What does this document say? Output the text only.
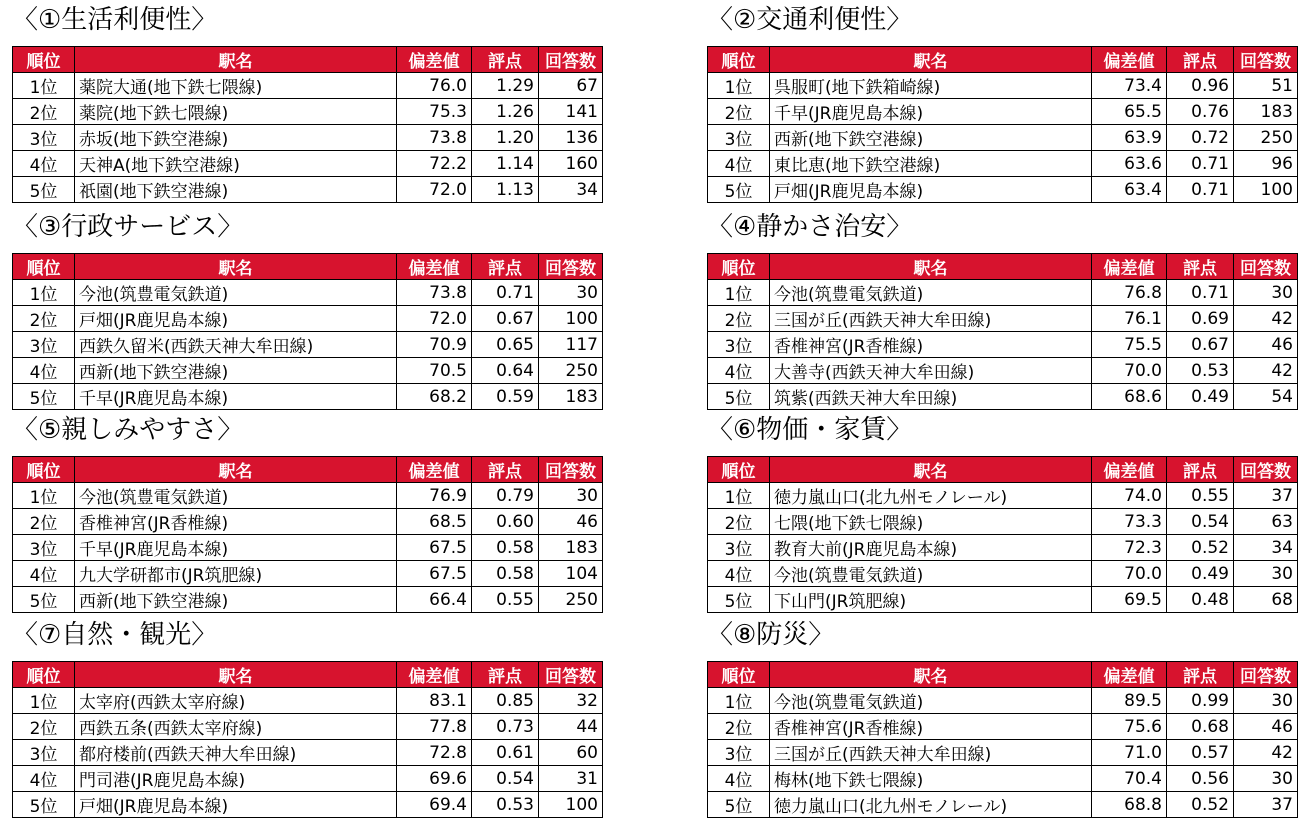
〈①生活利便性〉
順位	駅名	偏差値	評点	回答数
1位	薬院大通(地下鉄七隈線)	76.0	1.29	67
2位	薬院(地下鉄七隈線)	75.3	1.26	141
3位	赤坂(地下鉄空港線)	73.8	1.20	136
4位	天神A(地下鉄空港線)	72.2	1.14	160
5位	祇園(地下鉄空港線)	72.0	1.13	34
〈②交通利便性〉
順位	駅名	偏差値	評点	回答数
1位	呉服町(地下鉄箱崎線)	73.4	0.96	51
2位	千早(JR鹿児島本線)	65.5	0.76	183
3位	西新(地下鉄空港線)	63.9	0.72	250
4位	東比恵(地下鉄空港線)	63.6	0.71	96
5位	戸畑(JR鹿児島本線)	63.4	0.71	100
〈③行政サービス〉
順位	駅名	偏差値	評点	回答数
1位	今池(筑豊電気鉄道)	73.8	0.71	30
2位	戸畑(JR鹿児島本線)	72.0	0.67	100
3位	西鉄久留米(西鉄天神大牟田線)	70.9	0.65	117
4位	西新(地下鉄空港線)	70.5	0.64	250
5位	千早(JR鹿児島本線)	68.2	0.59	183
〈④静かさ治安〉
順位	駅名	偏差値	評点	回答数
1位	今池(筑豊電気鉄道)	76.8	0.71	30
2位	三国が丘(西鉄天神大牟田線)	76.1	0.69	42
3位	香椎神宮(JR香椎線)	75.5	0.67	46
4位	大善寺(西鉄天神大牟田線)	70.0	0.53	42
5位	筑紫(西鉄天神大牟田線)	68.6	0.49	54
〈⑤親しみやすさ〉
順位	駅名	偏差値	評点	回答数
1位	今池(筑豊電気鉄道)	76.9	0.79	30
2位	香椎神宮(JR香椎線)	68.5	0.60	46
3位	千早(JR鹿児島本線)	67.5	0.58	183
4位	九大学研都市(JR筑肥線)	67.5	0.58	104
5位	西新(地下鉄空港線)	66.4	0.55	250
〈⑥物価・家賃〉
順位	駅名	偏差値	評点	回答数
1位	徳力嵐山口(北九州モノレール)	74.0	0.55	37
2位	七隈(地下鉄七隈線)	73.3	0.54	63
3位	教育大前(JR鹿児島本線)	72.3	0.52	34
4位	今池(筑豊電気鉄道)	70.0	0.49	30
5位	下山門(JR筑肥線)	69.5	0.48	68
〈⑦自然・観光〉
順位	駅名	偏差値	評点	回答数
1位	太宰府(西鉄太宰府線)	83.1	0.85	32
2位	西鉄五条(西鉄太宰府線)	77.8	0.73	44
3位	都府楼前(西鉄天神大牟田線)	72.8	0.61	60
4位	門司港(JR鹿児島本線)	69.6	0.54	31
5位	戸畑(JR鹿児島本線)	69.4	0.53	100
〈⑧防災〉
順位	駅名	偏差値	評点	回答数
1位	今池(筑豊電気鉄道)	89.5	0.99	30
2位	香椎神宮(JR香椎線)	75.6	0.68	46
3位	三国が丘(西鉄天神大牟田線)	71.0	0.57	42
4位	梅林(地下鉄七隈線)	70.4	0.56	30
5位	徳力嵐山口(北九州モノレール)	68.8	0.52	37
